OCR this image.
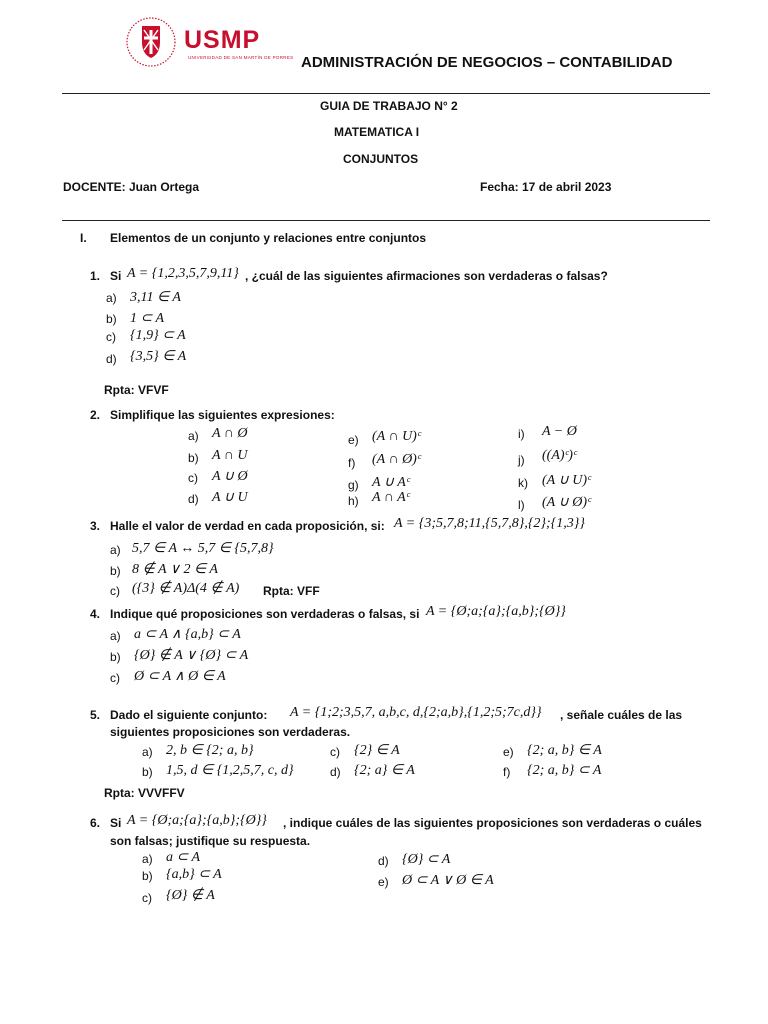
USMP
UNIVERSIDAD DE SAN MARTÍN DE PORRES ADMINISTRACIÓN DE NEGOCIOS – CONTABILIDAD
GUIA DE TRABAJO N° 2
MATEMATICA I
CONJUNTOS
DOCENTE: Juan Ortega	Fecha: 17 de abril 2023
I. Elementos de un conjunto y relaciones entre conjuntos
1. Si A = {1,2,3,5,7,9,11} , ¿cuál de las siguientes afirmaciones son verdaderas o falsas?
a) 3,11 ∈ A
b) 1 ⊂ A
c) {1,9} ⊂ A
d) {3,5} ∈ A
Rpta: VFVF
2. Simplifique las siguientes expresiones:
a) A ∩ Ø
b) A ∩ U
c) A ∪ Ø
d) A ∪ U
e) (A ∩ U)ᶜ
f) (A ∩ Ø)ᶜ
g) A ∪ Aᶜ
h) A ∩ Aᶜ
i) A − Ø
j) ((A)ᶜ)ᶜ
k) (A ∪ U)ᶜ
l) (A ∪ Ø)ᶜ
3. Halle el valor de verdad en cada proposición, si: A = {3;5,7,8;11,{5,7,8},{2};{1,3}}
a) 5,7 ∈ A ↔ 5,7 ∈ {5,7,8}
b) 8 ∉ A ∨ 2 ∈ A
c) ({3} ∉ A)Δ(4 ∉ A) Rpta: VFF
4. Indique qué proposiciones son verdaderas o falsas, si A = {Ø;a;{a};{a,b};{Ø}}
a) a ⊂ A ∧ {a,b} ⊂ A
b) {Ø} ∉ A ∨ {Ø} ⊂ A
c) Ø ⊂ A ∧ Ø ∈ A
5. Dado el siguiente conjunto: A = {1;2;3,5,7, a,b,c, d,{2;a,b},{1,2;5;7c,d}} , señale cuáles de las
siguientes proposiciones son verdaderas.
a) 2, b ∈ {2; a, b}
b) 1,5, d ∈ {1,2,5,7, c, d}
c) {2} ∈ A
d) {2; a} ∈ A
e) {2; a, b} ∈ A
f) {2; a, b} ⊂ A
Rpta: VVVFFV
6. Si A = {Ø;a;{a};{a,b};{Ø}} , indique cuáles de las siguientes proposiciones son verdaderas o cuáles
son falsas; justifique su respuesta.
a) a ⊂ A
b) {a,b} ⊂ A
c) {Ø} ∉ A
d) {Ø} ⊂ A
e) Ø ⊂ A ∨ Ø ∈ A
